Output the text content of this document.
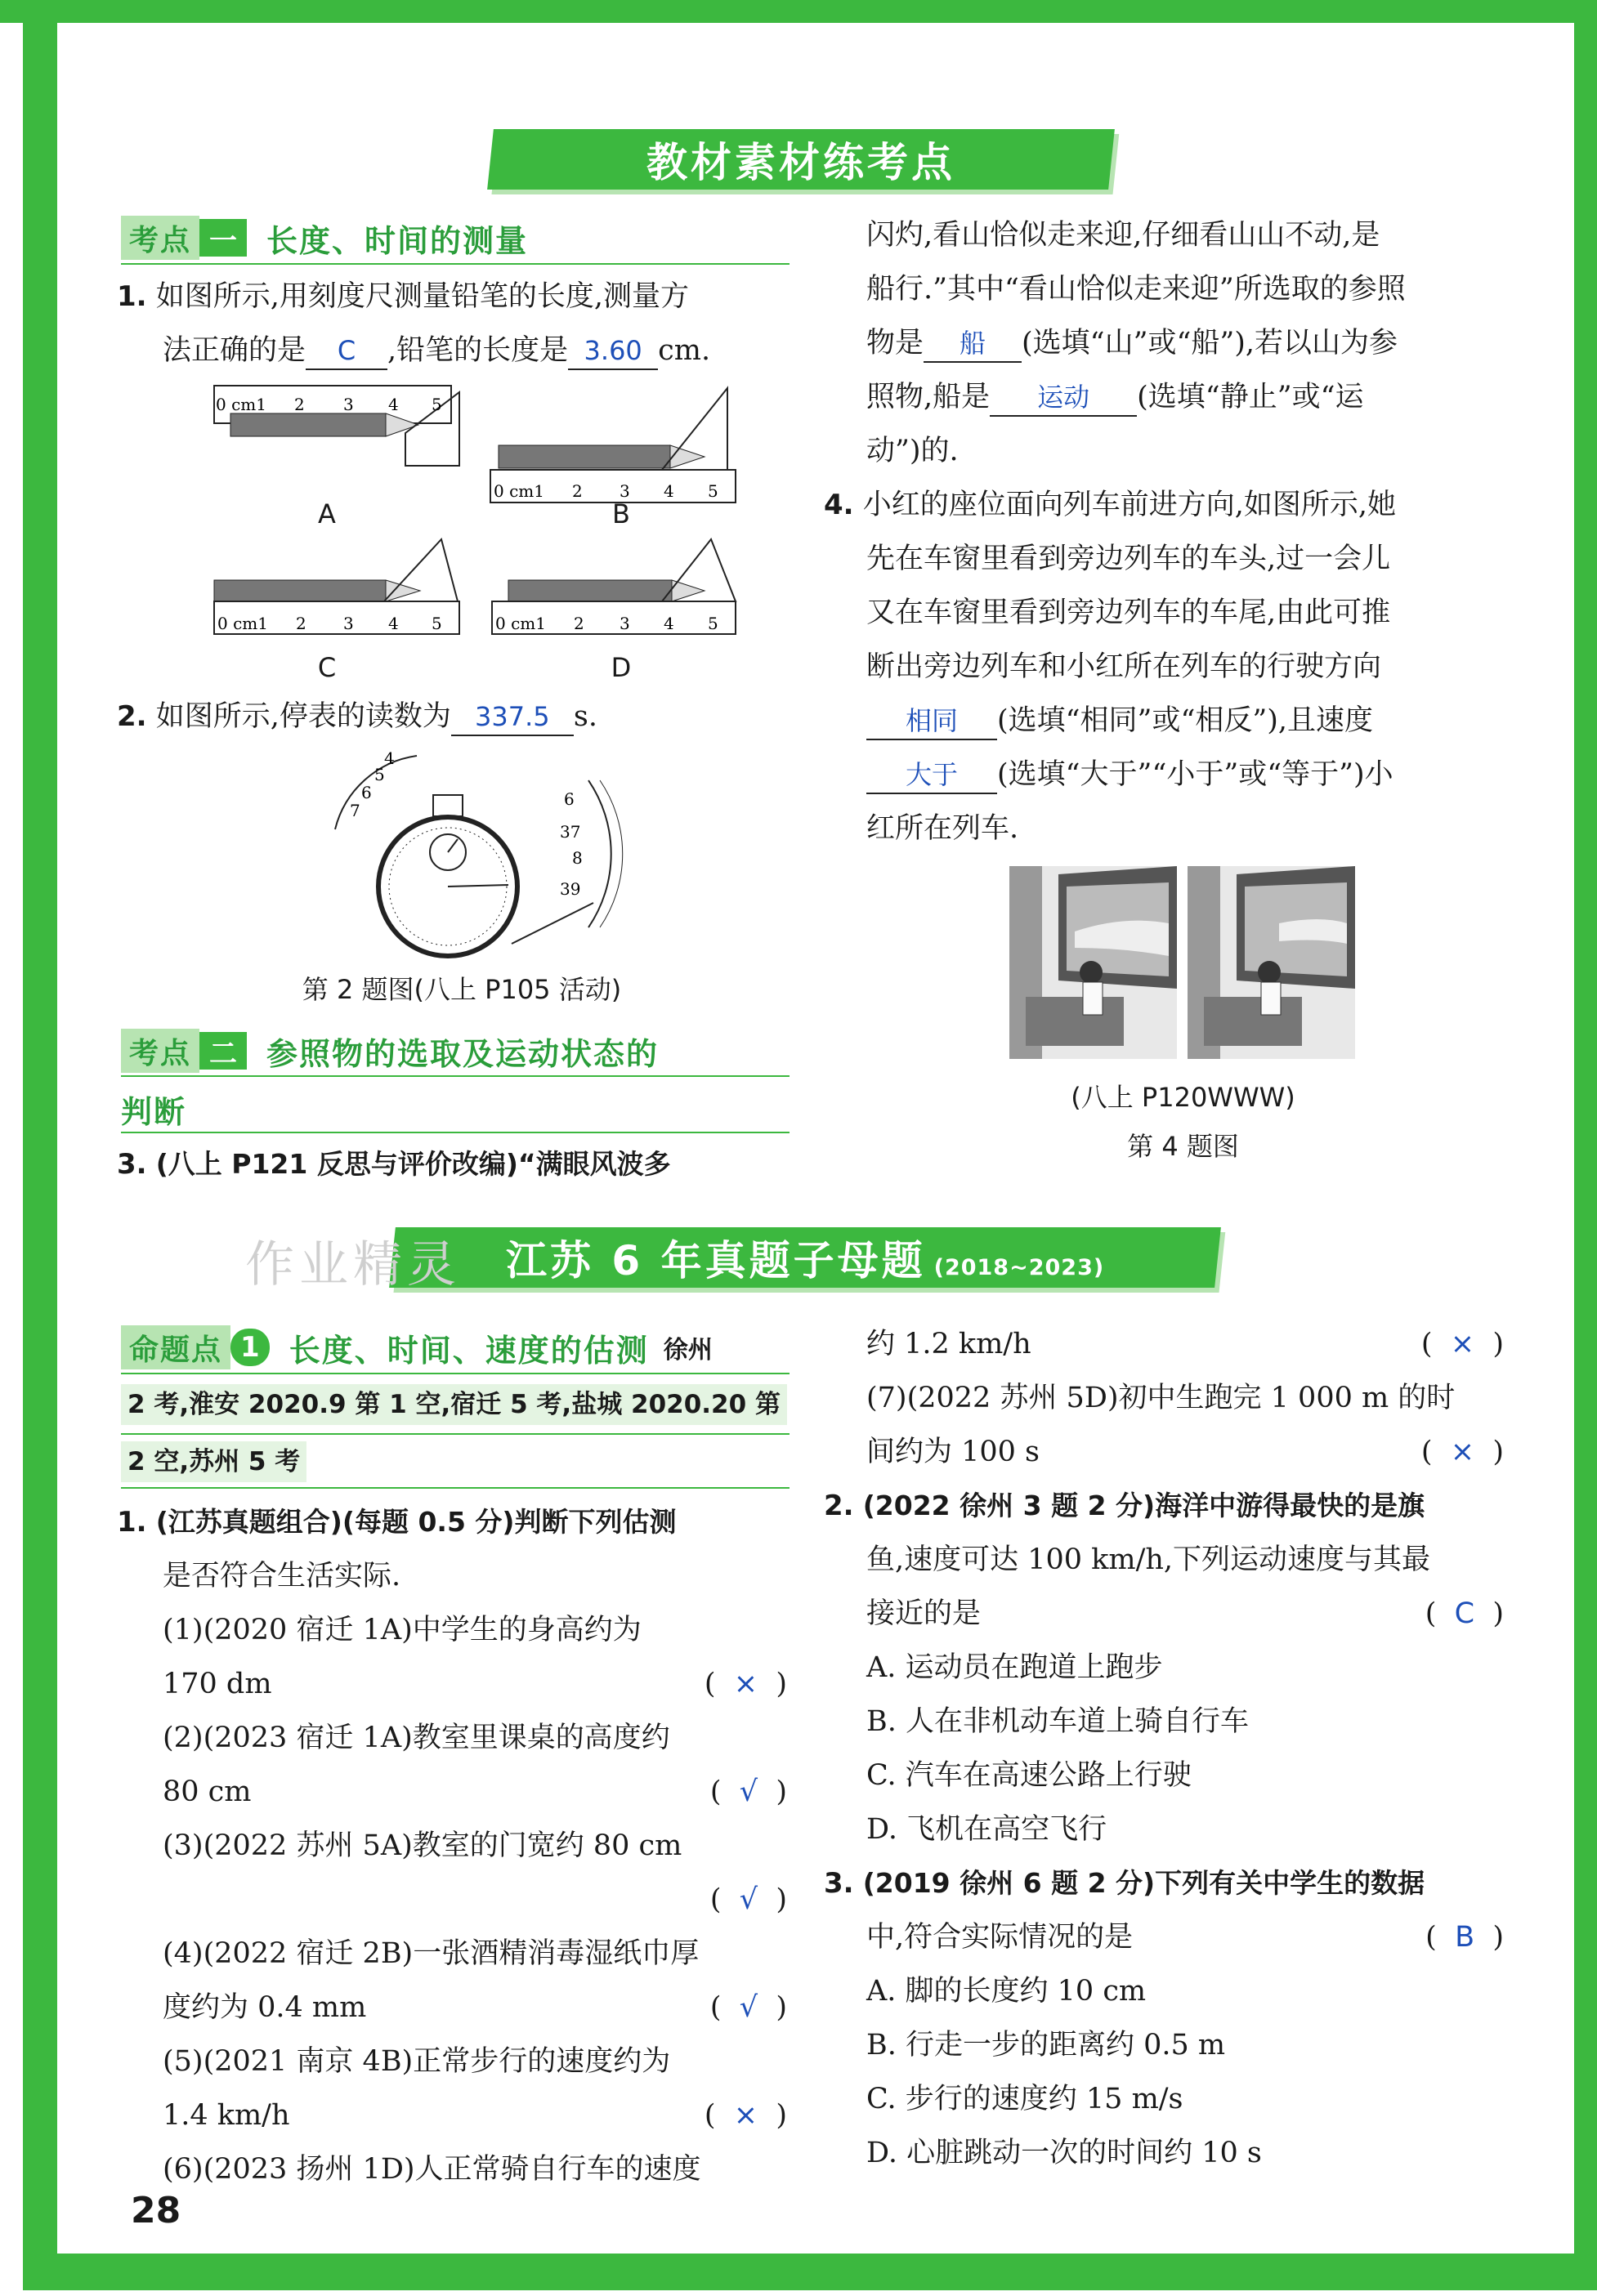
教材素材练考点
江苏 6 年真题子母题 (2018~2023)
作业精灵
考点 一 长度、时间的测量
1. 如图所示,用刻度尺测量铅笔的长度,测量方
法正确的是 C ,铅笔的长度是 3.60 cm.
0 cm1 2 3 4 5
0 cm1 2 3 4 5
0 cm1 2 3 4 5	0 cm1 2 3 4 5
A	B
C	D
2. 如图所示,停表的读数为 337.5 s.
4
5
6
7
6
37
8
39
第 2 题图(八上 P105 活动)
考点 二 参照物的选取及运动状态的
判断
3. (八上 P121 反思与评价改编)“满眼风波多
闪灼,看山恰似走来迎,仔细看山山不动,是
船行.”其中“看山恰似走来迎”所选取的参照
物是 船 (选填“山”或“船”),若以山为参
照物,船是 运动 (选填“静止”或“运
动”)的.
4. 小红的座位面向列车前进方向,如图所示,她
先在车窗里看到旁边列车的车头,过一会儿
又在车窗里看到旁边列车的车尾,由此可推
断出旁边列车和小红所在列车的行驶方向
相同 (选填“相同”或“相反”),且速度
大于 (选填“大于”“小于”或“等于”)小
红所在列车.
(八上 P120WWW)
第 4 题图
命题点 1 长度、时间、速度的估测 徐州
2 考,淮安 2020.9 第 1 空,宿迁 5 考,盐城 2020.20 第
2 空,苏州 5 考
1. (江苏真题组合)(每题 0.5 分)判断下列估测
是否符合生活实际.
(1)(2020 宿迁 1A)中学生的身高约为
170 dm	(  ×  )
(2)(2023 宿迁 1A)教室里课桌的高度约
80 cm	(  √  )
(3)(2022 苏州 5A)教室的门宽约 80 cm
(  √  )
(4)(2022 宿迁 2B)一张酒精消毒湿纸巾厚
度约为 0.4 mm	(  √  )
(5)(2021 南京 4B)正常步行的速度约为
1.4 km/h	(  ×  )
(6)(2023 扬州 1D)人正常骑自行车的速度
约 1.2 km/h	(  ×  )
(7)(2022 苏州 5D)初中生跑完 1 000 m 的时
间约为 100 s	(  ×  )
2. (2022 徐州 3 题 2 分)海洋中游得最快的是旗
鱼,速度可达 100 km/h,下列运动速度与其最
接近的是	(  C  )
A. 运动员在跑道上跑步
B. 人在非机动车道上骑自行车
C. 汽车在高速公路上行驶
D. 飞机在高空飞行
3. (2019 徐州 6 题 2 分)下列有关中学生的数据
中,符合实际情况的是	(  B  )
A. 脚的长度约 10 cm
B. 行走一步的距离约 0.5 m
C. 步行的速度约 15 m/s
D. 心脏跳动一次的时间约 10 s
28
